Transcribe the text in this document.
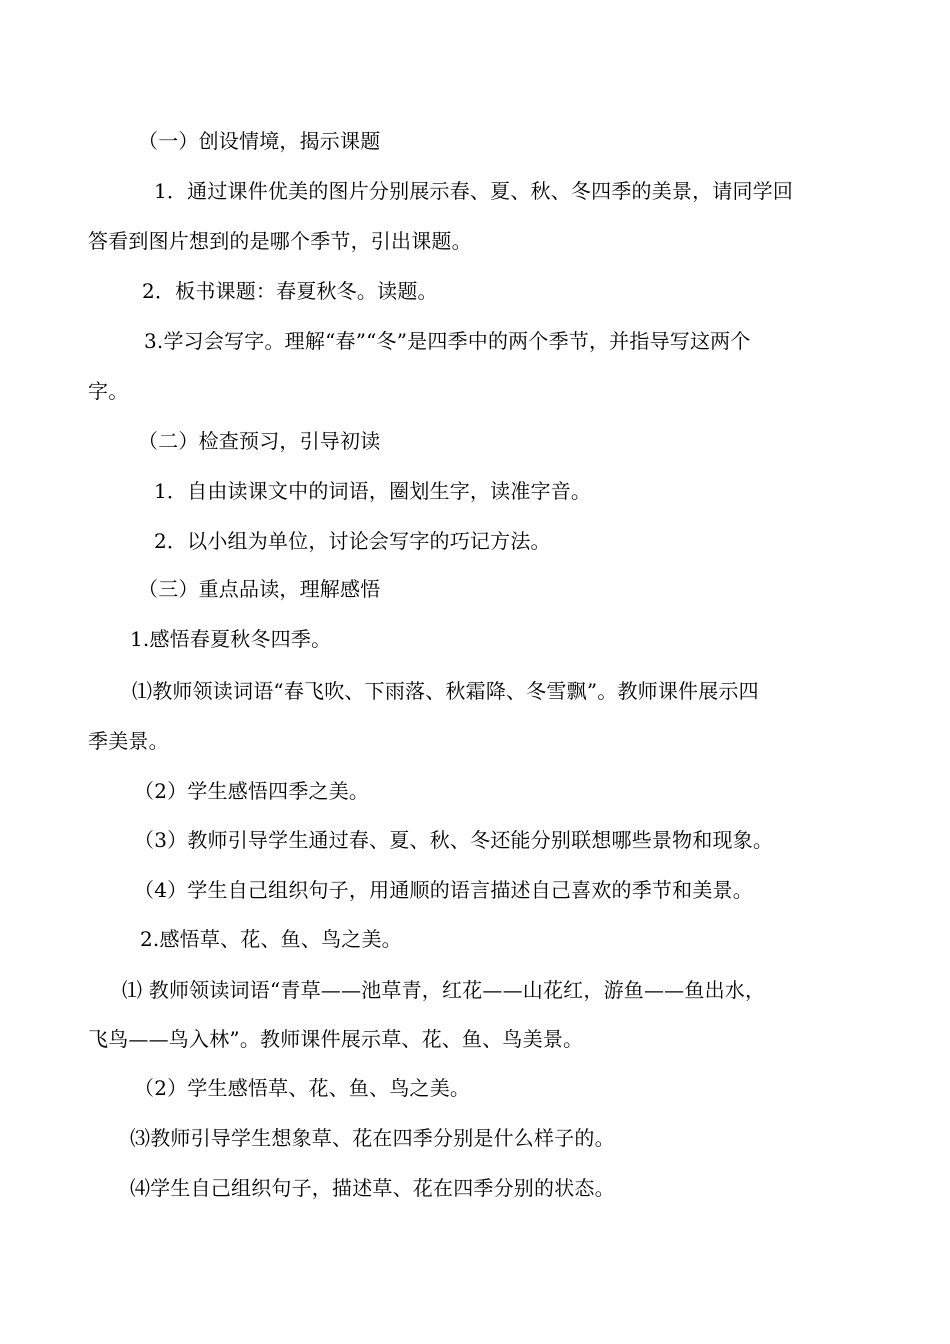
（一）创设情境，揭示课题
1．通过课件优美的图片分别展示春、夏、秋、冬四季的美景，请同学回
答看到图片想到的是哪个季节，引出课题。
2．板书课题：春夏秋冬。读题。
3.学习会写字。理解“春”“冬”是四季中的两个季节，并指导写这两个
字。
（二）检查预习，引导初读
1．自由读课文中的词语，圈划生字，读准字音。
2．以小组为单位，讨论会写字的巧记方法。
（三）重点品读，理解感悟
1.感悟春夏秋冬四季。
⑴教师领读词语“春飞吹、下雨落、秋霜降、冬雪飘”。教师课件展示四
季美景。
（2）学生感悟四季之美。
（3）教师引导学生通过春、夏、秋、冬还能分别联想哪些景物和现象。
（4）学生自己组织句子，用通顺的语言描述自己喜欢的季节和美景。
2.感悟草、花、鱼、鸟之美。
⑴ 教师领读词语“青草——池草青，红花——山花红，游鱼——鱼出水，
飞鸟——鸟入林”。教师课件展示草、花、鱼、鸟美景。
（2）学生感悟草、花、鱼、鸟之美。
⑶教师引导学生想象草、花在四季分别是什么样子的。
⑷学生自己组织句子，描述草、花在四季分别的状态。
